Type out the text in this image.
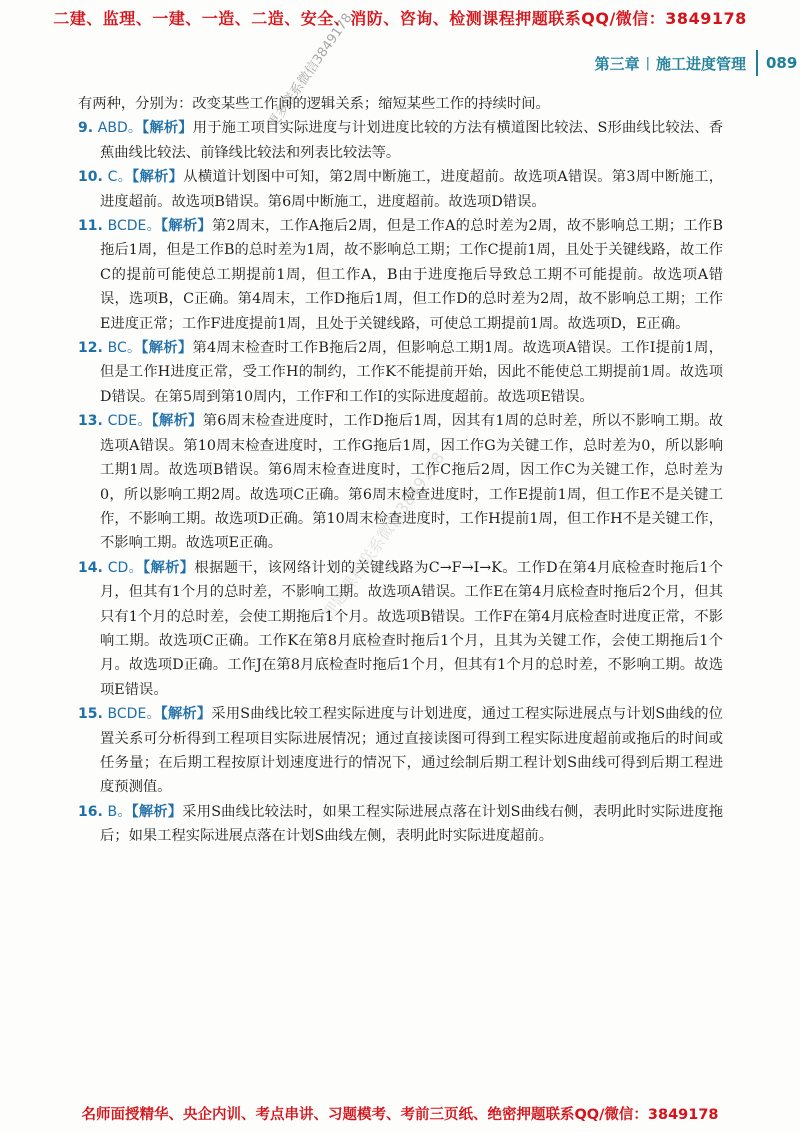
二建、监理、一建、一造、二造、安全、消防、咨询、检测课程押题联系QQ/微信：3849178
第三章 | 施工进度管理 089
更多联系微信3849178
押题课程联系微信3849178

有两种，分别为：改变某些工作间的逻辑关系；缩短某些工作的持续时间。

9. ABD。【解析】用于施工项目实际进度与计划进度比较的方法有横道图比较法、S形曲线比较法、香蕉曲线比较法、前锋线比较法和列表比较法等。

10. C。【解析】从横道计划图中可知，第2周中断施工，进度超前。故选项A错误。第3周中断施工，进度超前。故选项B错误。第6周中断施工，进度超前。故选项D错误。

11. BCDE。【解析】第2周末，工作A拖后2周，但是工作A的总时差为2周，故不影响总工期；工作B拖后1周，但是工作B的总时差为1周，故不影响总工期；工作C提前1周，且处于关键线路，故工作C的提前可能使总工期提前1周，但工作A，B由于进度拖后导致总工期不可能提前。故选项A错误，选项B，C正确。第4周末，工作D拖后1周，但工作D的总时差为2周，故不影响总工期；工作E进度正常；工作F进度提前1周，且处于关键线路，可使总工期提前1周。故选项D，E正确。

12. BC。【解析】第4周末检查时工作B拖后2周，但影响总工期1周。故选项A错误。工作I提前1周，但是工作H进度正常，受工作H的制约，工作K不能提前开始，因此不能使总工期提前1周。故选项D错误。在第5周到第10周内，工作F和工作I的实际进度超前。故选项E错误。

13. CDE。【解析】第6周末检查进度时，工作D拖后1周，因其有1周的总时差，所以不影响工期。故选项A错误。第10周末检查进度时，工作G拖后1周，因工作G为关键工作，总时差为0，所以影响工期1周。故选项B错误。第6周末检查进度时，工作C拖后2周，因工作C为关键工作，总时差为0，所以影响工期2周。故选项C正确。第6周末检查进度时，工作E提前1周，但工作E不是关键工作，不影响工期。故选项D正确。第10周末检查进度时，工作H提前1周，但工作H不是关键工作，不影响工期。故选项E正确。

14. CD。【解析】根据题干，该网络计划的关键线路为C→F→I→K。工作D在第4月底检查时拖后1个月，但其有1个月的总时差，不影响工期。故选项A错误。工作E在第4月底检查时拖后2个月，但其只有1个月的总时差，会使工期拖后1个月。故选项B错误。工作F在第4月底检查时进度正常，不影响工期。故选项C正确。工作K在第8月底检查时拖后1个月，且其为关键工作，会使工期拖后1个月。故选项D正确。工作J在第8月底检查时拖后1个月，但其有1个月的总时差，不影响工期。故选项E错误。

15. BCDE。【解析】采用S曲线比较工程实际进度与计划进度，通过工程实际进展点与计划S曲线的位置关系可分析得到工程项目实际进展情况；通过直接读图可得到工程实际进度超前或拖后的时间或任务量；在后期工程按原计划速度进行的情况下，通过绘制后期工程计划S曲线可得到后期工程进度预测值。

16. B。【解析】采用S曲线比较法时，如果工程实际进展点落在计划S曲线右侧，表明此时实际进度拖后；如果工程实际进展点落在计划S曲线左侧，表明此时实际进度超前。

名师面授精华、央企内训、考点串讲、习题模考、考前三页纸、绝密押题联系QQ/微信：3849178
